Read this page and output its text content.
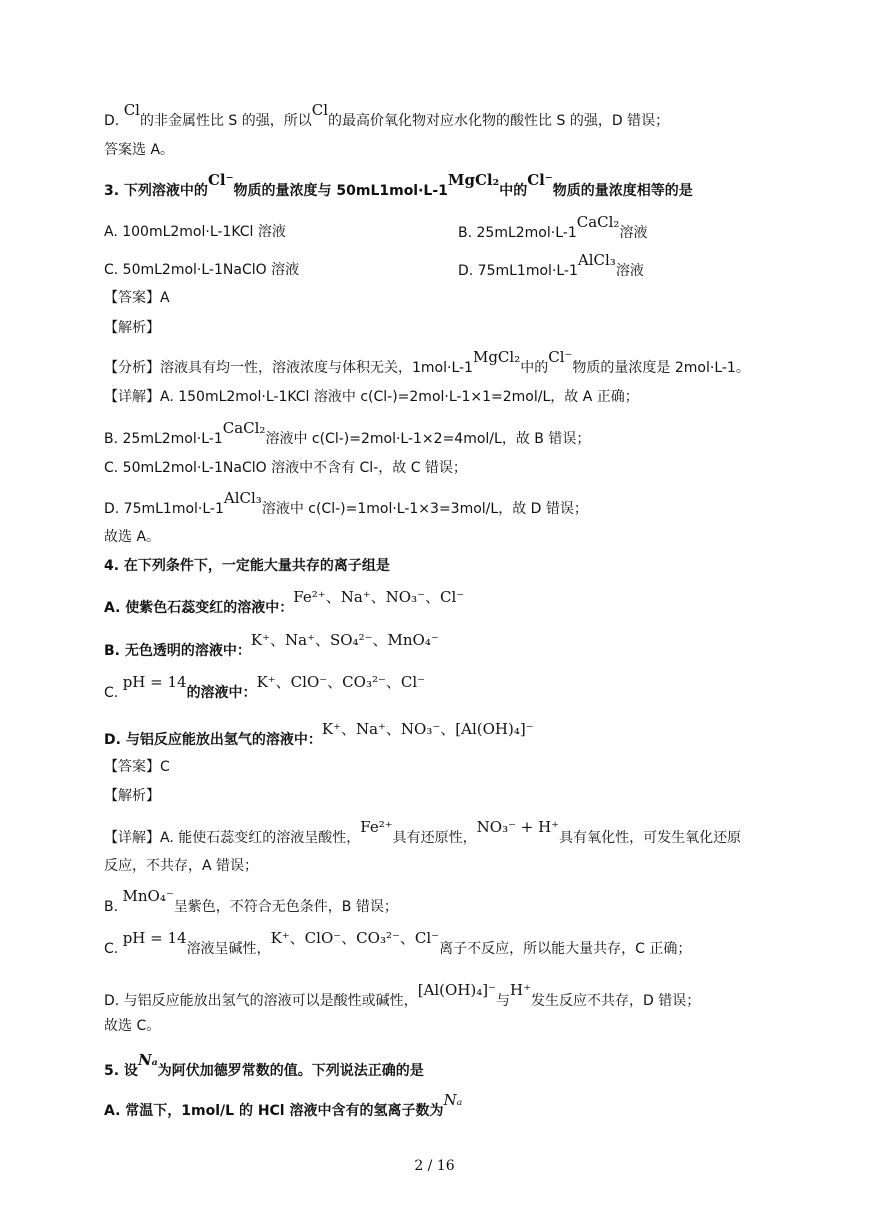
D. Cl的非金属性比 S 的强，所以Cl的最高价氧化物对应水化物的酸性比 S 的强，D 错误；
答案选 A。
3. 下列溶液中的Cl⁻物质的量浓度与 50mL1mol·L-1MgCl₂中的Cl⁻物质的量浓度相等的是
A. 100mL2mol·L-1KCl 溶液	B. 25mL2mol·L-1CaCl₂溶液
C. 50mL2mol·L-1NaClO 溶液	D. 75mL1mol·L-1AlCl₃溶液
【答案】A
【解析】
【分析】溶液具有均一性，溶液浓度与体积无关，1mol·L-1MgCl₂中的Cl⁻物质的量浓度是 2mol·L-1。
【详解】A. 150mL2mol·L-1KCl 溶液中 c(Cl-)=2mol·L-1×1=2mol/L，故 A 正确；
B. 25mL2mol·L-1CaCl₂溶液中 c(Cl-)=2mol·L-1×2=4mol/L，故 B 错误；
C. 50mL2mol·L-1NaClO 溶液中不含有 Cl-，故 C 错误；
D. 75mL1mol·L-1AlCl₃溶液中 c(Cl-)=1mol·L-1×3=3mol/L，故 D 错误；
故选 A。
4. 在下列条件下，一定能大量共存的离子组是
A. 使紫色石蕊变红的溶液中：Fe²⁺、Na⁺、NO₃⁻、Cl⁻
B. 无色透明的溶液中：K⁺、Na⁺、SO₄²⁻、MnO₄⁻
C. pH = 14的溶液中：K⁺、ClO⁻、CO₃²⁻、Cl⁻
D. 与铝反应能放出氢气的溶液中：K⁺、Na⁺、NO₃⁻、[Al(OH)₄]⁻
【答案】C
【解析】
【详解】A. 能使石蕊变红的溶液呈酸性，Fe²⁺具有还原性，NO₃⁻ + H⁺具有氧化性，可发生氧化还原
反应，不共存，A 错误；
B. MnO₄⁻呈紫色，不符合无色条件，B 错误；
C. pH = 14溶液呈碱性，K⁺、ClO⁻、CO₃²⁻、Cl⁻离子不反应，所以能大量共存，C 正确；
D. 与铝反应能放出氢气的溶液可以是酸性或碱性，[Al(OH)₄]⁻与H⁺发生反应不共存，D 错误；
故选 C。
5. 设Nₐ为阿伏加德罗常数的值。下列说法正确的是
A. 常温下，1mol/L 的 HCl 溶液中含有的氢离子数为Nₐ
2 / 16
